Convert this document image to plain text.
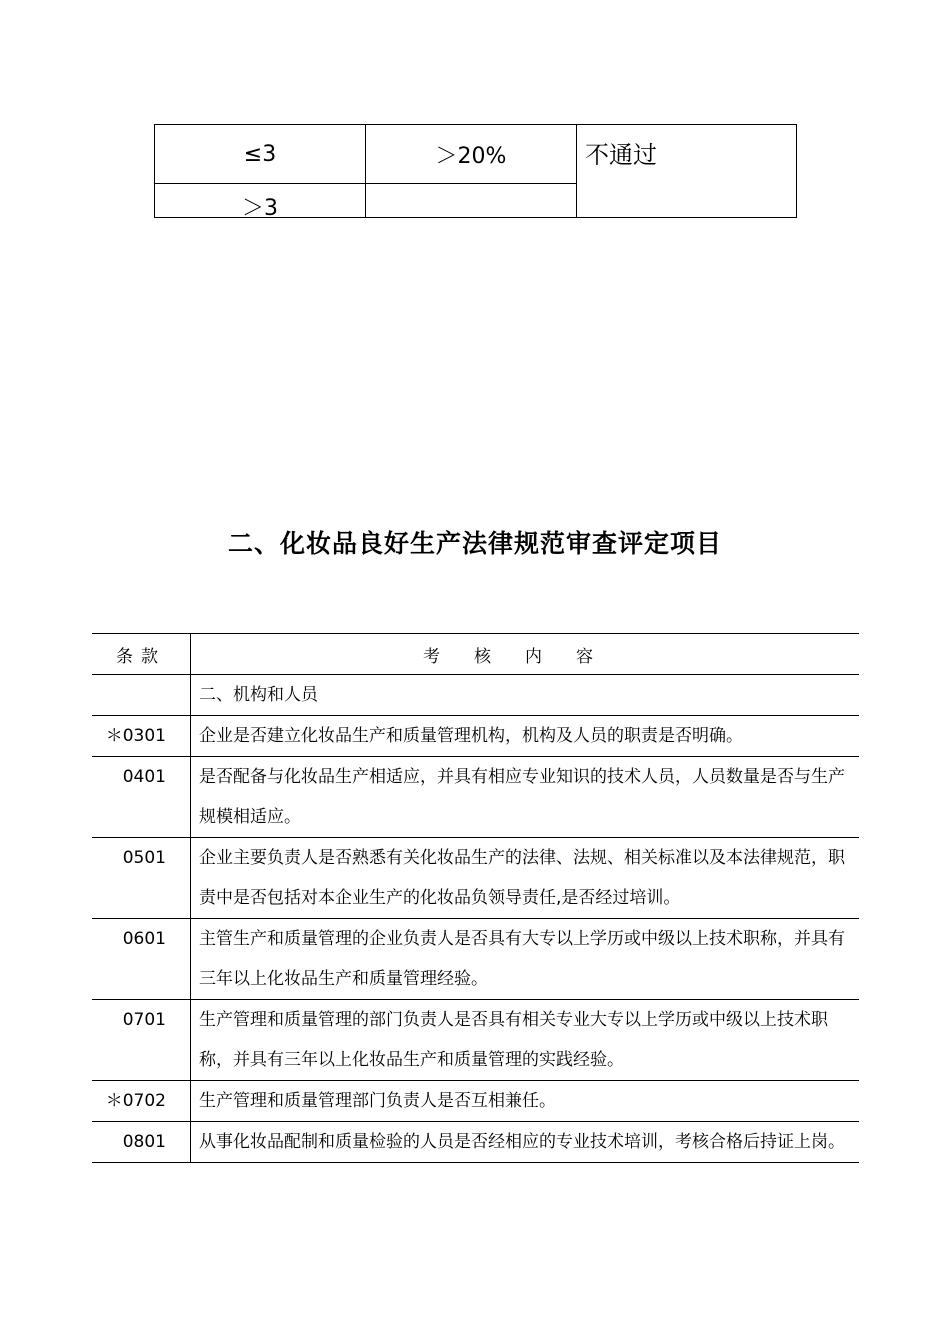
≤3	＞20%	不通过

＞3		

二、化妆品良好生产法律规范审查评定项目
条款	考核内容
	二、机构和人员
＊0301	企业是否建立化妆品生产和质量管理机构，机构及人员的职责是否明确。
0401	是否配备与化妆品生产相适应，并具有相应专业知识的技术人员，人员数量是否与生产规模相适应。
0501	企业主要负责人是否熟悉有关化妆品生产的法律、法规、相关标准以及本法律规范，职责中是否包括对本企业生产的化妆品负领导责任,是否经过培训。
0601	主管生产和质量管理的企业负责人是否具有大专以上学历或中级以上技术职称，并具有三年以上化妆品生产和质量管理经验。
0701	生产管理和质量管理的部门负责人是否具有相关专业大专以上学历或中级以上技术职称，并具有三年以上化妆品生产和质量管理的实践经验。
＊0702	生产管理和质量管理部门负责人是否互相兼任。
0801	从事化妆品配制和质量检验的人员是否经相应的专业技术培训，考核合格后持证上岗。
